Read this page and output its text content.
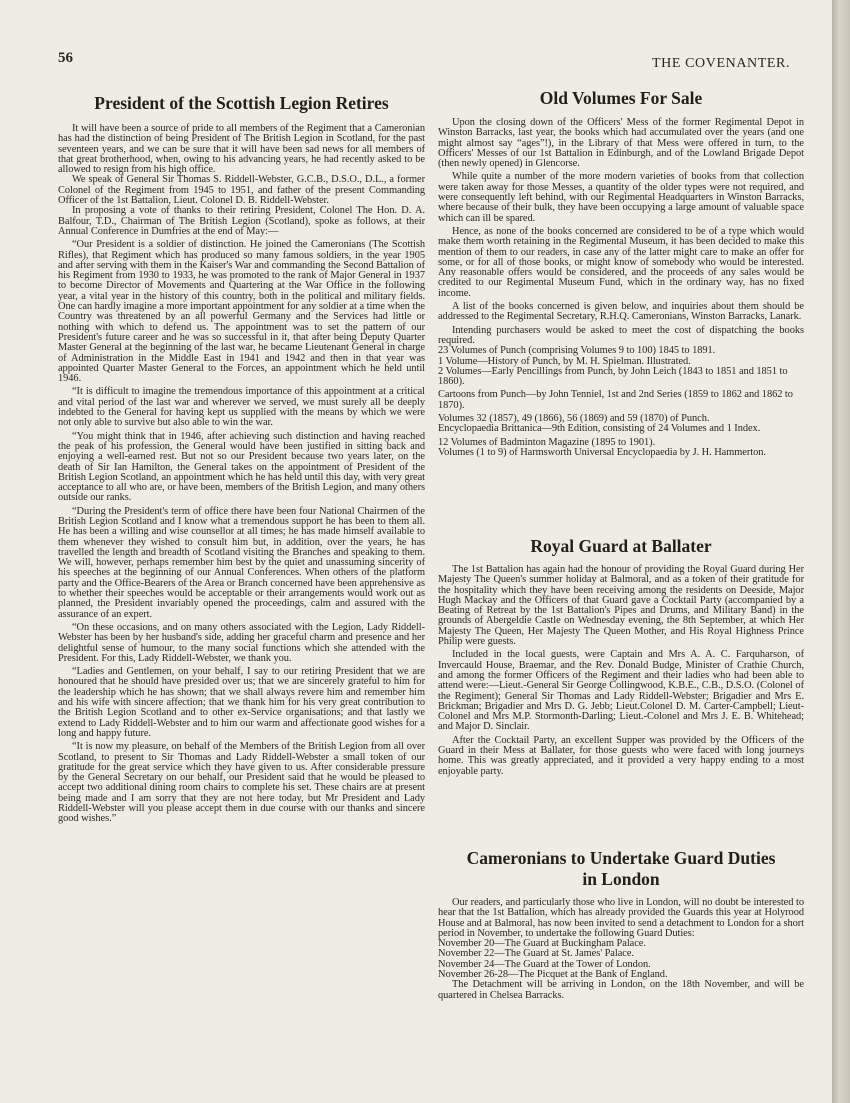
56	THE COVENANTER.
President of the Scottish Legion Retires

It will have been a source of pride to all members of the Regiment that a Cameronian has had the distinction of being President of The British Legion in Scotland, for the past seventeen years, and we can be sure that it will have been sad news for all members of that great brotherhood, when, owing to his advancing years, he had recently asked to be allowed to resign from his high office.

We speak of General Sir Thomas S. Riddell-Webster, G.C.B., D.S.O., D.L., a former Colonel of the Regiment from 1945 to 1951, and father of the present Commanding Officer of the 1st Battalion, Lieut. Colonel D. B. Riddell-Webster.

In proposing a vote of thanks to their retiring President, Colonel The Hon. D. A. Balfour, T.D., Chairman of The British Legion (Scotland), spoke as follows, at their Annual Conference in Dumfries at the end of May:—

“Our President is a soldier of distinction. He joined the Cameronians (The Scottish Rifles), that Regiment which has produced so many famous soldiers, in the year 1905 and after serving with them in the Kaiser's War and commanding the Second Battalion of his Regiment from 1930 to 1933, he was promoted to the rank of Major General in 1937 to become Director of Movements and Quartering at the War Office in the following year, a vital year in the history of this country, both in the political and military fields. One can hardly imagine a more important appointment for any soldier at a time when the Country was threatened by an all powerful Germany and the Services had little or nothing with which to defend us. The appointment was to set the pattern of our President's future career and he was so successful in it, that after being Deputy Quarter Master General at the beginning of the last war, he became Lieutenant General in charge of Administration in the Middle East in 1941 and 1942 and then in that year was appointed Quarter Master General to the Forces, an appointment which he held until 1946.

“It is difficult to imagine the tremendous importance of this appointment at a critical and vital period of the last war and wherever we served, we must surely all be deeply indebted to the General for having kept us supplied with the means by which we were not only able to survive but also able to win the war.

“You might think that in 1946, after achieving such distinction and having reached the peak of his profession, the General would have been justified in sitting back and enjoying a well-earned rest. But not so our President because two years later, on the death of Sir Ian Hamilton, the General takes on the appointment of President of the British Legion Scotland, an appointment which he has held until this day, with very great acceptance to all who are, or have been, members of the British Legion, and many others outside our ranks.

“During the President's term of office there have been four National Chairmen of the British Legion Scotland and I know what a tremendous support he has been to them all. He has been a willing and wise counsellor at all times; he has made himself available to them whenever they wished to consult him but, in addition, over the years, he has travelled the length and breadth of Scotland visiting the Branches and speaking to them. We will, however, perhaps remember him best by the quiet and unassuming sincerity of his speeches at the beginning of our Annual Conferences. When others of the platform party and the Office-Bearers of the Area or Branch concerned have been apprehensive as to whether their speeches would be acceptable or their arrangements would work out as planned, the President invariably opened the proceedings, calm and assured with the assurance of an expert.

“On these occasions, and on many others associated with the Legion, Lady Riddell-Webster has been by her husband's side, adding her graceful charm and presence and her delightful sense of humour, to the many social functions which she attended with the President. For this, Lady Riddell-Webster, we thank you.

“Ladies and Gentlemen, on your behalf, I say to our retiring President that we are honoured that he should have presided over us; that we are sincerely grateful to him for the leadership which he has shown; that we shall always revere him and remember him and his wife with sincere affection; that we thank him for his very great contribution to the British Legion Scotland and to other ex-Service organisations; and that lastly we extend to Lady Riddell-Webster and to him our warm and affectionate good wishes for a long and happy future.

“It is now my pleasure, on behalf of the Members of the British Legion from all over Scotland, to present to Sir Thomas and Lady Riddell-Webster a small token of our gratitude for the great service which they have given to us. After considerable pressure by the General Secretary on our behalf, our President said that he would be pleased to accept two additional dining room chairs to complete his set. These chairs are at present being made and I am sorry that they are not here today, but Mr President and Lady Riddell-Webster will you please accept them in due course with our thanks and sincere good wishes.”

Old Volumes For Sale

Upon the closing down of the Officers' Mess of the former Regimental Depot in Winston Barracks, last year, the books which had accumulated over the years (and one might almost say “ages”!), in the Library of that Mess were offered in turn, to the Officers' Messes of our 1st Battalion in Edinburgh, and of the Lowland Brigade Depot (then newly opened) in Glencorse.

While quite a number of the more modern varieties of books from that collection were taken away for those Messes, a quantity of the older types were not required, and were consequently left behind, with our Regimental Headquarters in Winston Barracks, where because of their bulk, they have been occupying a large amount of valuable space which can ill be spared.

Hence, as none of the books concerned are considered to be of a type which would make them worth retaining in the Regimental Museum, it has been decided to make this mention of them to our readers, in case any of the latter might care to make an offer for some, or for all of those books, or might know of somebody who would be interested. Any reasonable offers would be considered, and the proceeds of any sales would be credited to our Regimental Museum Fund, which in the ordinary way, has no fixed income.

A list of the books concerned is given below, and inquiries about them should be addressed to the Regimental Secretary, R.H.Q. Cameronians, Winston Barracks, Lanark.

Intending purchasers would be asked to meet the cost of dispatching the books required.

23 Volumes of Punch (comprising Volumes 9 to 100) 1845 to 1891.

1 Volume—History of Punch, by M. H. Spielman. Illustrated.

2 Volumes—Early Pencillings from Punch, by John Leich (1843 to 1851 and 1851 to 1860).

Cartoons from Punch—by John Tenniel, 1st and 2nd Series (1859 to 1862 and 1862 to 1870).

Volumes 32 (1857), 49 (1866), 56 (1869) and 59 (1870) of Punch.

Encyclopaedia Brittanica—9th Edition, consisting of 24 Volumes and 1 Index.

12 Volumes of Badminton Magazine (1895 to 1901).

Volumes (1 to 9) of Harmsworth Universal Encyclopaedia by J. H. Hammerton.

Royal Guard at Ballater

The 1st Battalion has again had the honour of providing the Royal Guard during Her Majesty The Queen's summer holiday at Balmoral, and as a token of their gratitude for the hospitality which they have been receiving among the residents on Deeside, Major Hugh Mackay and the Officers of that Guard gave a Cocktail Party (accompanied by a Beating of Retreat by the 1st Battalion's Pipes and Drums, and Military Band) in the grounds of Abergeldie Castle on Wednesday evening, the 8th September, at which Her Majesty The Queen, Her Majesty The Queen Mother, and His Royal Highness Prince Philip were guests.

Included in the local guests, were Captain and Mrs A. A. C. Farquharson, of Invercauld House, Braemar, and the Rev. Donald Budge, Minister of Crathie Church, and among the former Officers of the Regiment and their ladies who had been able to attend were:—Lieut.-General Sir George Collingwood, K.B.E., C.B., D.S.O. (Colonel of the Regiment); General Sir Thomas and Lady Riddell-Webster; Brigadier and Mrs E. Brickman; Brigadier and Mrs D. G. Jebb; Lieut.Colonel D. M. Carter-Campbell; Lieut-Colonel and Mrs M.P. Stormonth-Darling; Lieut.-Colonel and Mrs J. E. B. Whitehead; and Major D. Sinclair.

After the Cocktail Party, an excellent Supper was provided by the Officers of the Guard in their Mess at Ballater, for those guests who were faced with long journeys home. This was greatly appreciated, and it provided a very happy ending to a most enjoyable party.

Cameronians to Undertake Guard Duties
in London

Our readers, and particularly those who live in London, will no doubt be interested to hear that the 1st Battalion, which has already provided the Guards this year at Holyrood House and at Balmoral, has now been invited to send a detachment to London for a short period in November, to undertake the following Guard Duties:

November 20—The Guard at Buckingham Palace.

November 22—The Guard at St. James' Palace.

November 24—The Guard at the Tower of London.

November 26-28—The Picquet at the Bank of England.

The Detachment will be arriving in London, on the 18th November, and will be quartered in Chelsea Barracks.
